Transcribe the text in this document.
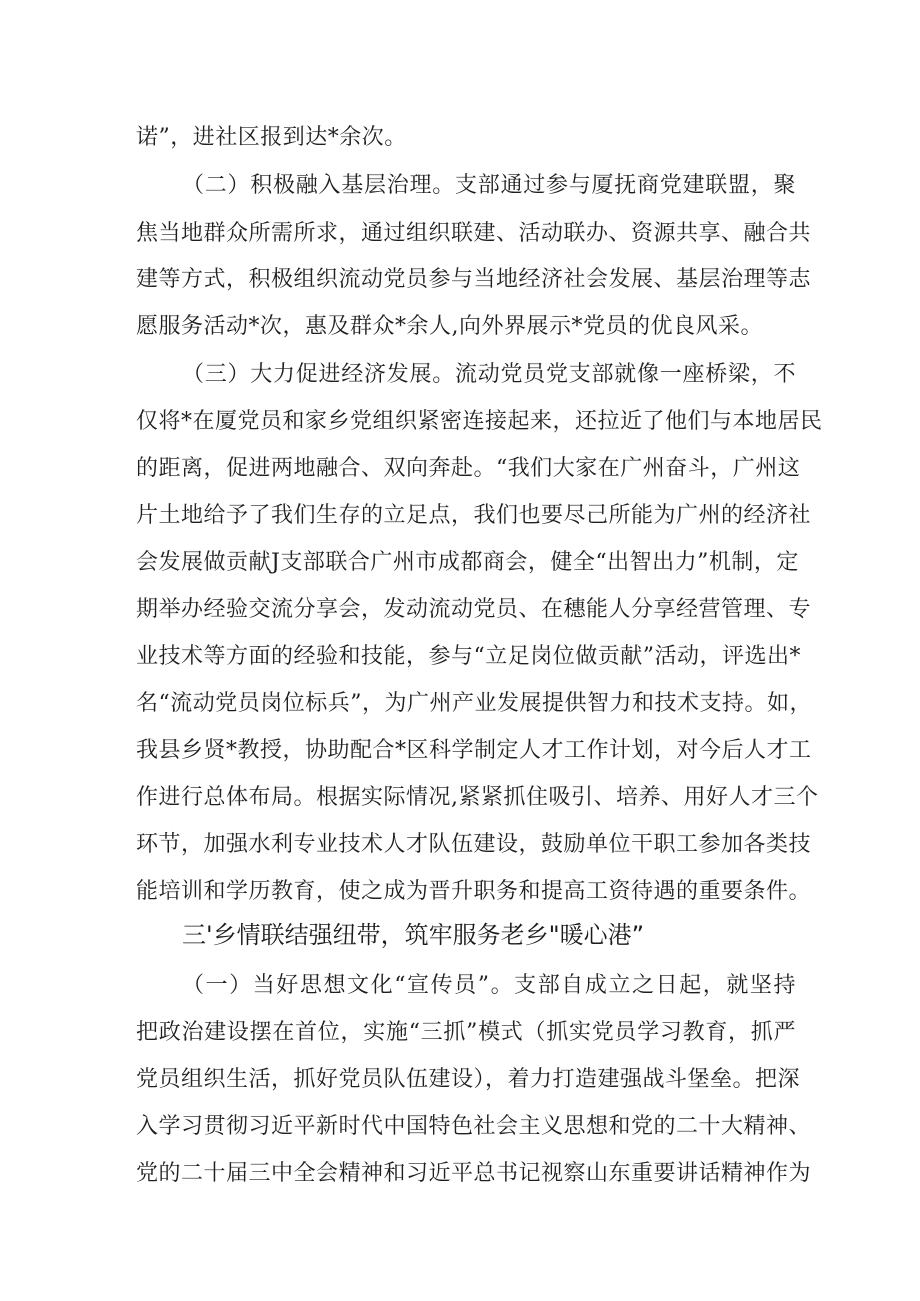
诺”，进社区报到达*余次。
（二）积极融入基层治理。支部通过参与厦抚商党建联盟，聚
焦当地群众所需所求，通过组织联建、活动联办、资源共享、融合共
建等方式，积极组织流动党员参与当地经济社会发展、基层治理等志
愿服务活动*次，惠及群众*余人,向外界展示*党员的优良风采。
（三）大力促进经济发展。流动党员党支部就像一座桥梁，不
仅将*在厦党员和家乡党组织紧密连接起来，还拉近了他们与本地居民
的距离，促进两地融合、双向奔赴。“我们大家在广州奋斗，广州这
片土地给予了我们生存的立足点，我们也要尽己所能为广州的经济社
会发展做贡献J支部联合广州市成都商会，健全“出智出力”机制，定
期举办经验交流分享会，发动流动党员、在穗能人分享经营管理、专
业技术等方面的经验和技能，参与“立足岗位做贡献”活动，评选出*
名“流动党员岗位标兵”，为广州产业发展提供智力和技术支持。如，
我县乡贤*教授，协助配合*区科学制定人才工作计划，对今后人才工
作进行总体布局。根据实际情况,紧紧抓住吸引、培养、用好人才三个
环节，加强水利专业技术人才队伍建设，鼓励单位干职工参加各类技
能培训和学历教育，使之成为晋升职务和提高工资待遇的重要条件。
三'乡情联结强纽带，筑牢服务老乡"暖心港”
（一）当好思想文化“宣传员”。支部自成立之日起，就坚持
把政治建设摆在首位，实施“三抓”模式（抓实党员学习教育，抓严
党员组织生活，抓好党员队伍建设），着力打造建强战斗堡垒。把深
入学习贯彻习近平新时代中国特色社会主义思想和党的二十大精神、
党的二十届三中全会精神和习近平总书记视察山东重要讲话精神作为
